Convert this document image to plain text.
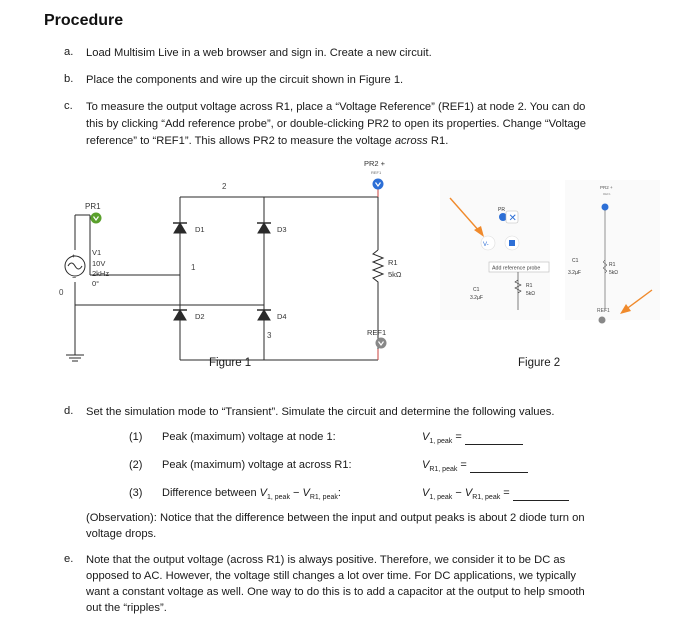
Procedure
a. Load Multisim Live in a web browser and sign in. Create a new circuit.
b. Place the components and wire up the circuit shown in Figure 1.
c. To measure the output voltage across R1, place a “Voltage Reference” (REF1) at node 2. You can do
this by clicking “Add reference probe”, or double-clicking PR2 to open its properties. Change “Voltage
reference” to “REF1”. This allows PR2 to measure the voltage across R1.
+
−
PR1
PR2 +
REF1
REF1
2
1
3
0
V1
10V
2kHz
0°
D1
D2
D3
D4
R1
5kΩ
Figure 1
PR
✕
V-
Add reference probe
R1
5kΩ
C1
3.2µF
PR2 +
REF1
R1
5kΩ
C1
3.2µF
REF1
Figure 2
d. Set the simulation mode to “Transient”. Simulate the circuit and determine the following values.
(1) Peak (maximum) voltage at node 1:	$V_{1, peak}$ =
(2) Peak (maximum) voltage at across R1:	$V_{R1, peak}$ =
(3) Difference between $V_{1, peak} - V_{R1, peak}$:	$V_{1, peak} - V_{R1, peak}$ =
(Observation): Notice that the difference between the input and output peaks is about 2 diode turn on
voltage drops.
e. Note that the output voltage (across R1) is always positive. Therefore, we consider it to be DC as
opposed to AC. However, the voltage still changes a lot over time. For DC applications, we typically
want a constant voltage as well. One way to do this is to add a capacitor at the output to help smooth
out the “ripples”.
